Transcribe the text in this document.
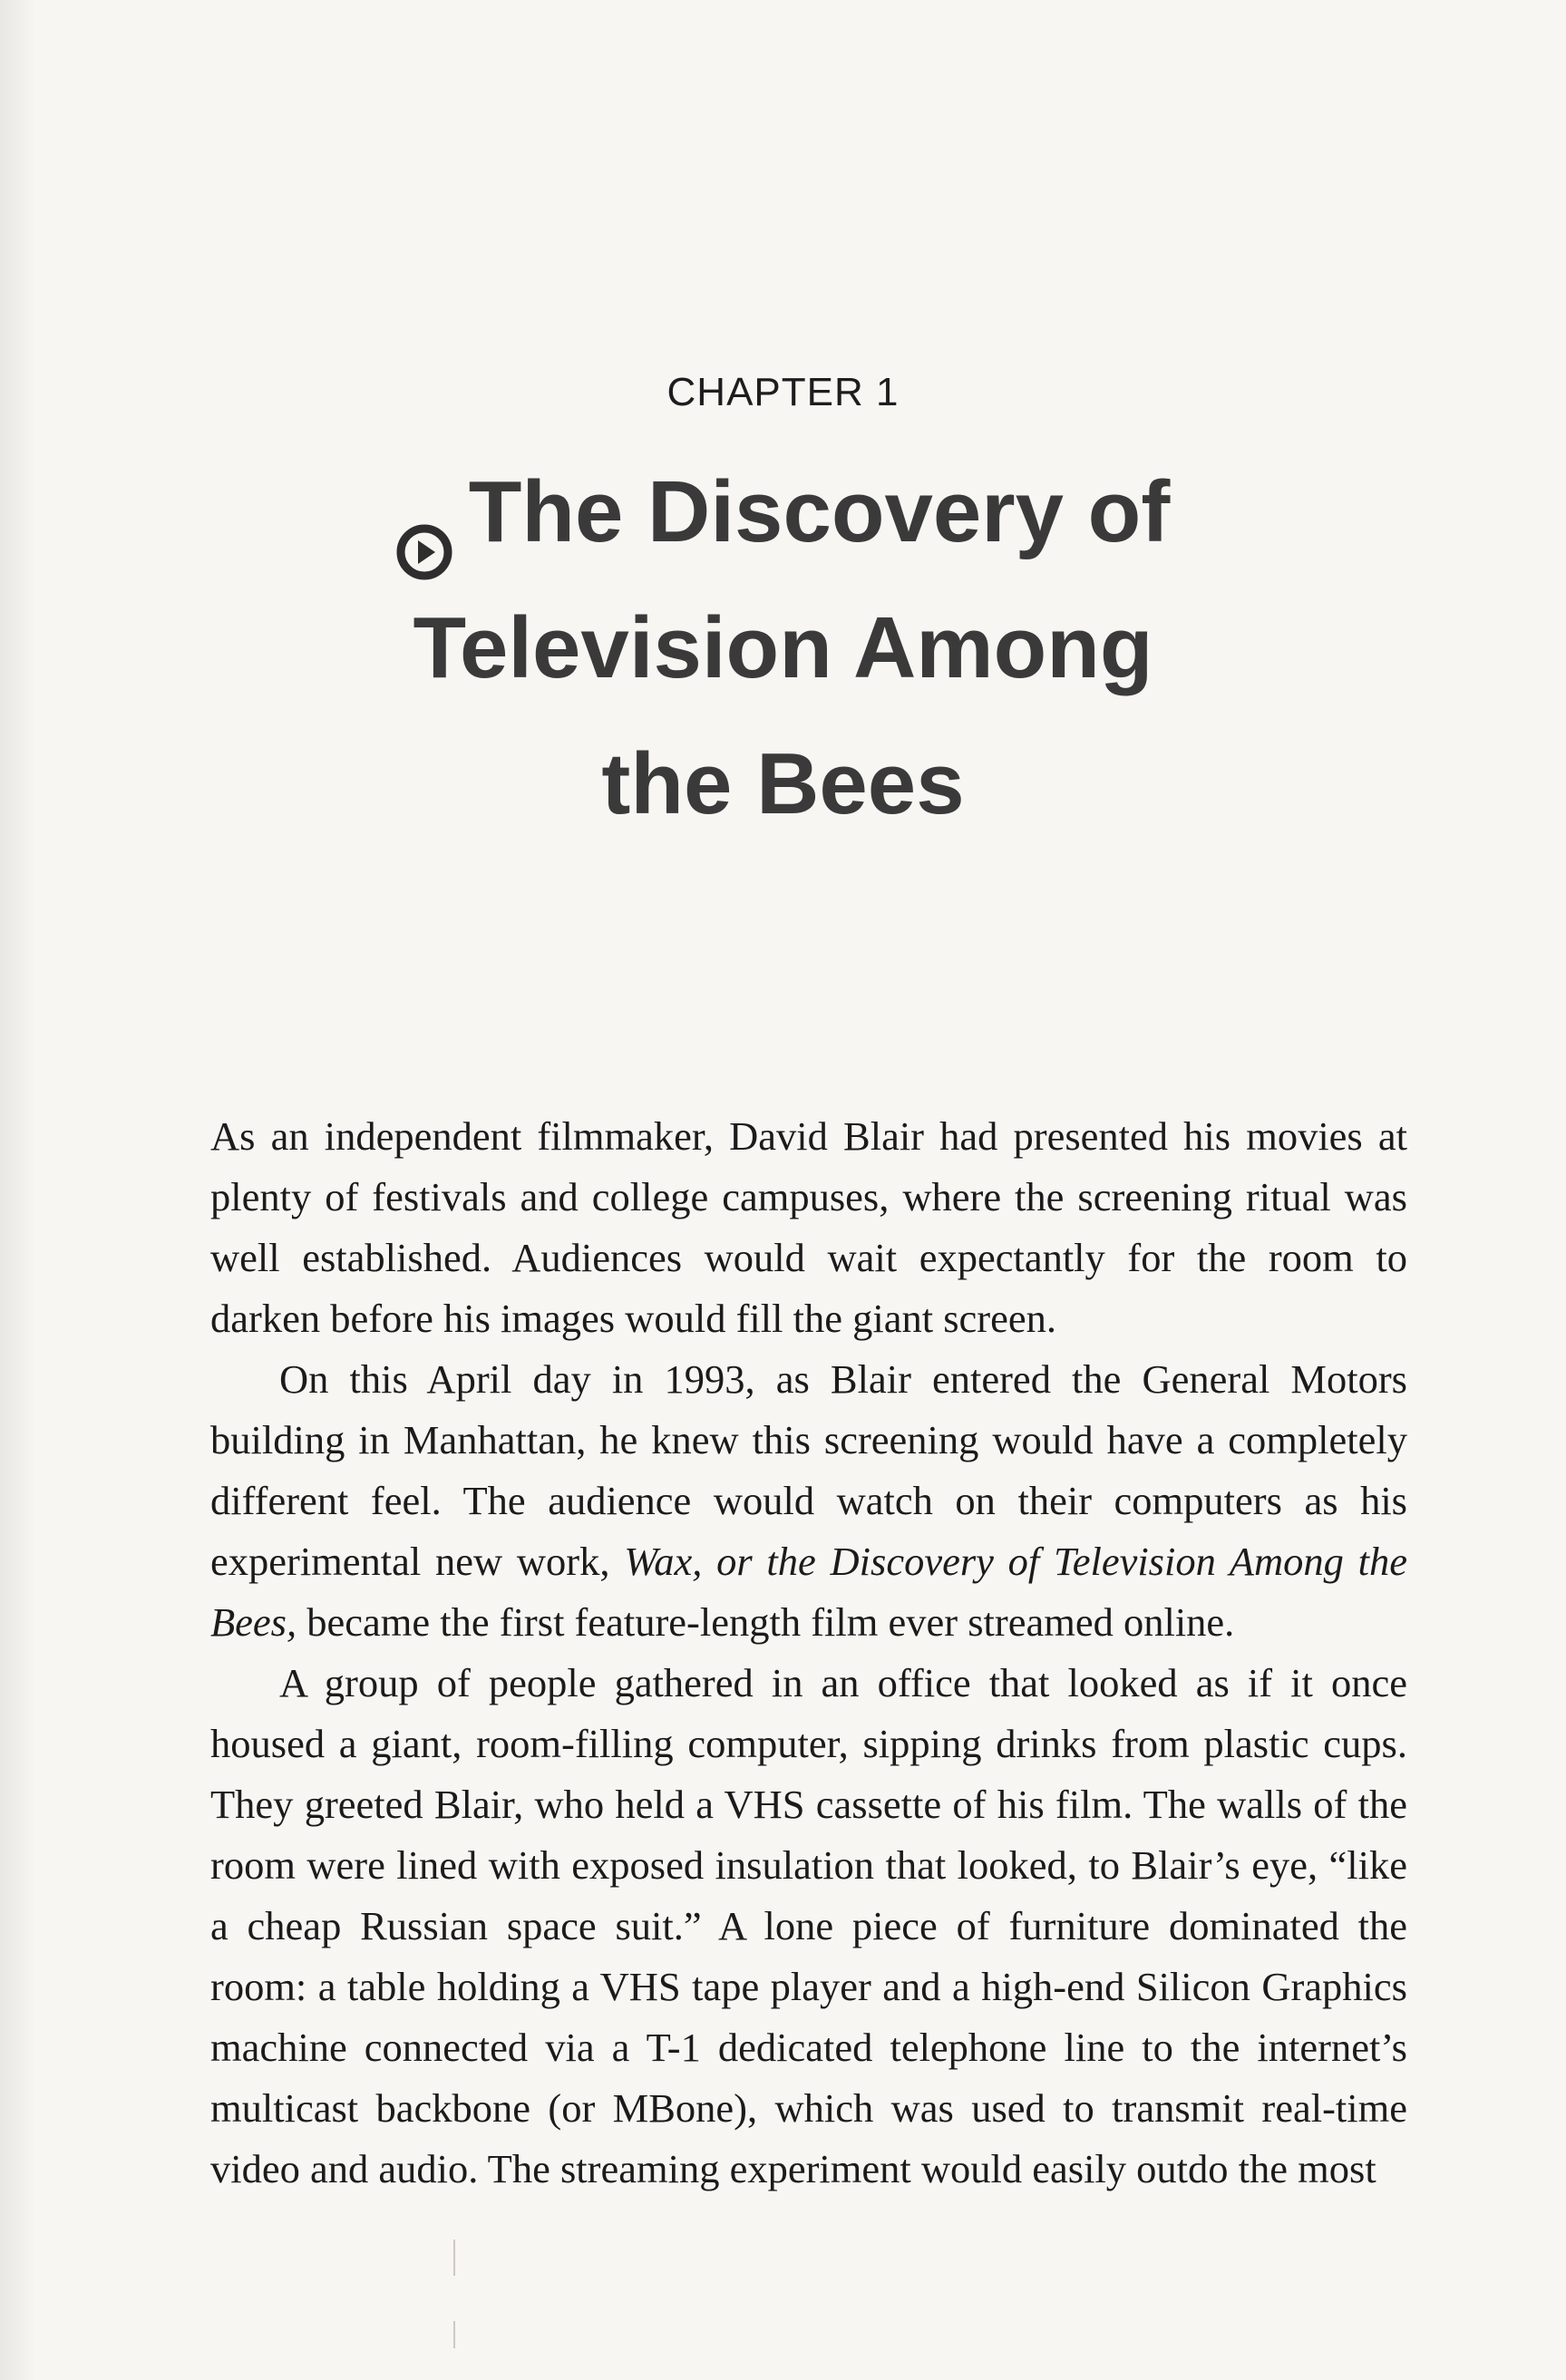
CHAPTER 1
The Discovery of
Television Among
the Bees

As an independent filmmaker, David Blair had presented his movies at plenty of festivals and college campuses, where the screening ritual was well established. Audiences would wait expectantly for the room to darken before his images would fill the giant screen.

On this April day in 1993, as Blair entered the General Motors building in Manhattan, he knew this screening would have a completely different feel. The audience would watch on their computers as his experimental new work, Wax, or the Discovery of Television Among the Bees, became the first feature-length film ever streamed online.

A group of people gathered in an office that looked as if it once housed a giant, room-filling computer, sipping drinks from plastic cups. They greeted Blair, who held a VHS cassette of his film. The walls of the room were lined with exposed insulation that looked, to Blair’s eye, “like a cheap Russian space suit.” A lone piece of furniture dominated the room: a table holding a VHS tape player and a high-end Silicon Graphics machine connected via a T-1 dedicated telephone line to the internet’s multicast backbone (or MBone), which was used to transmit real-time video and audio. The streaming experiment would easily outdo the most
